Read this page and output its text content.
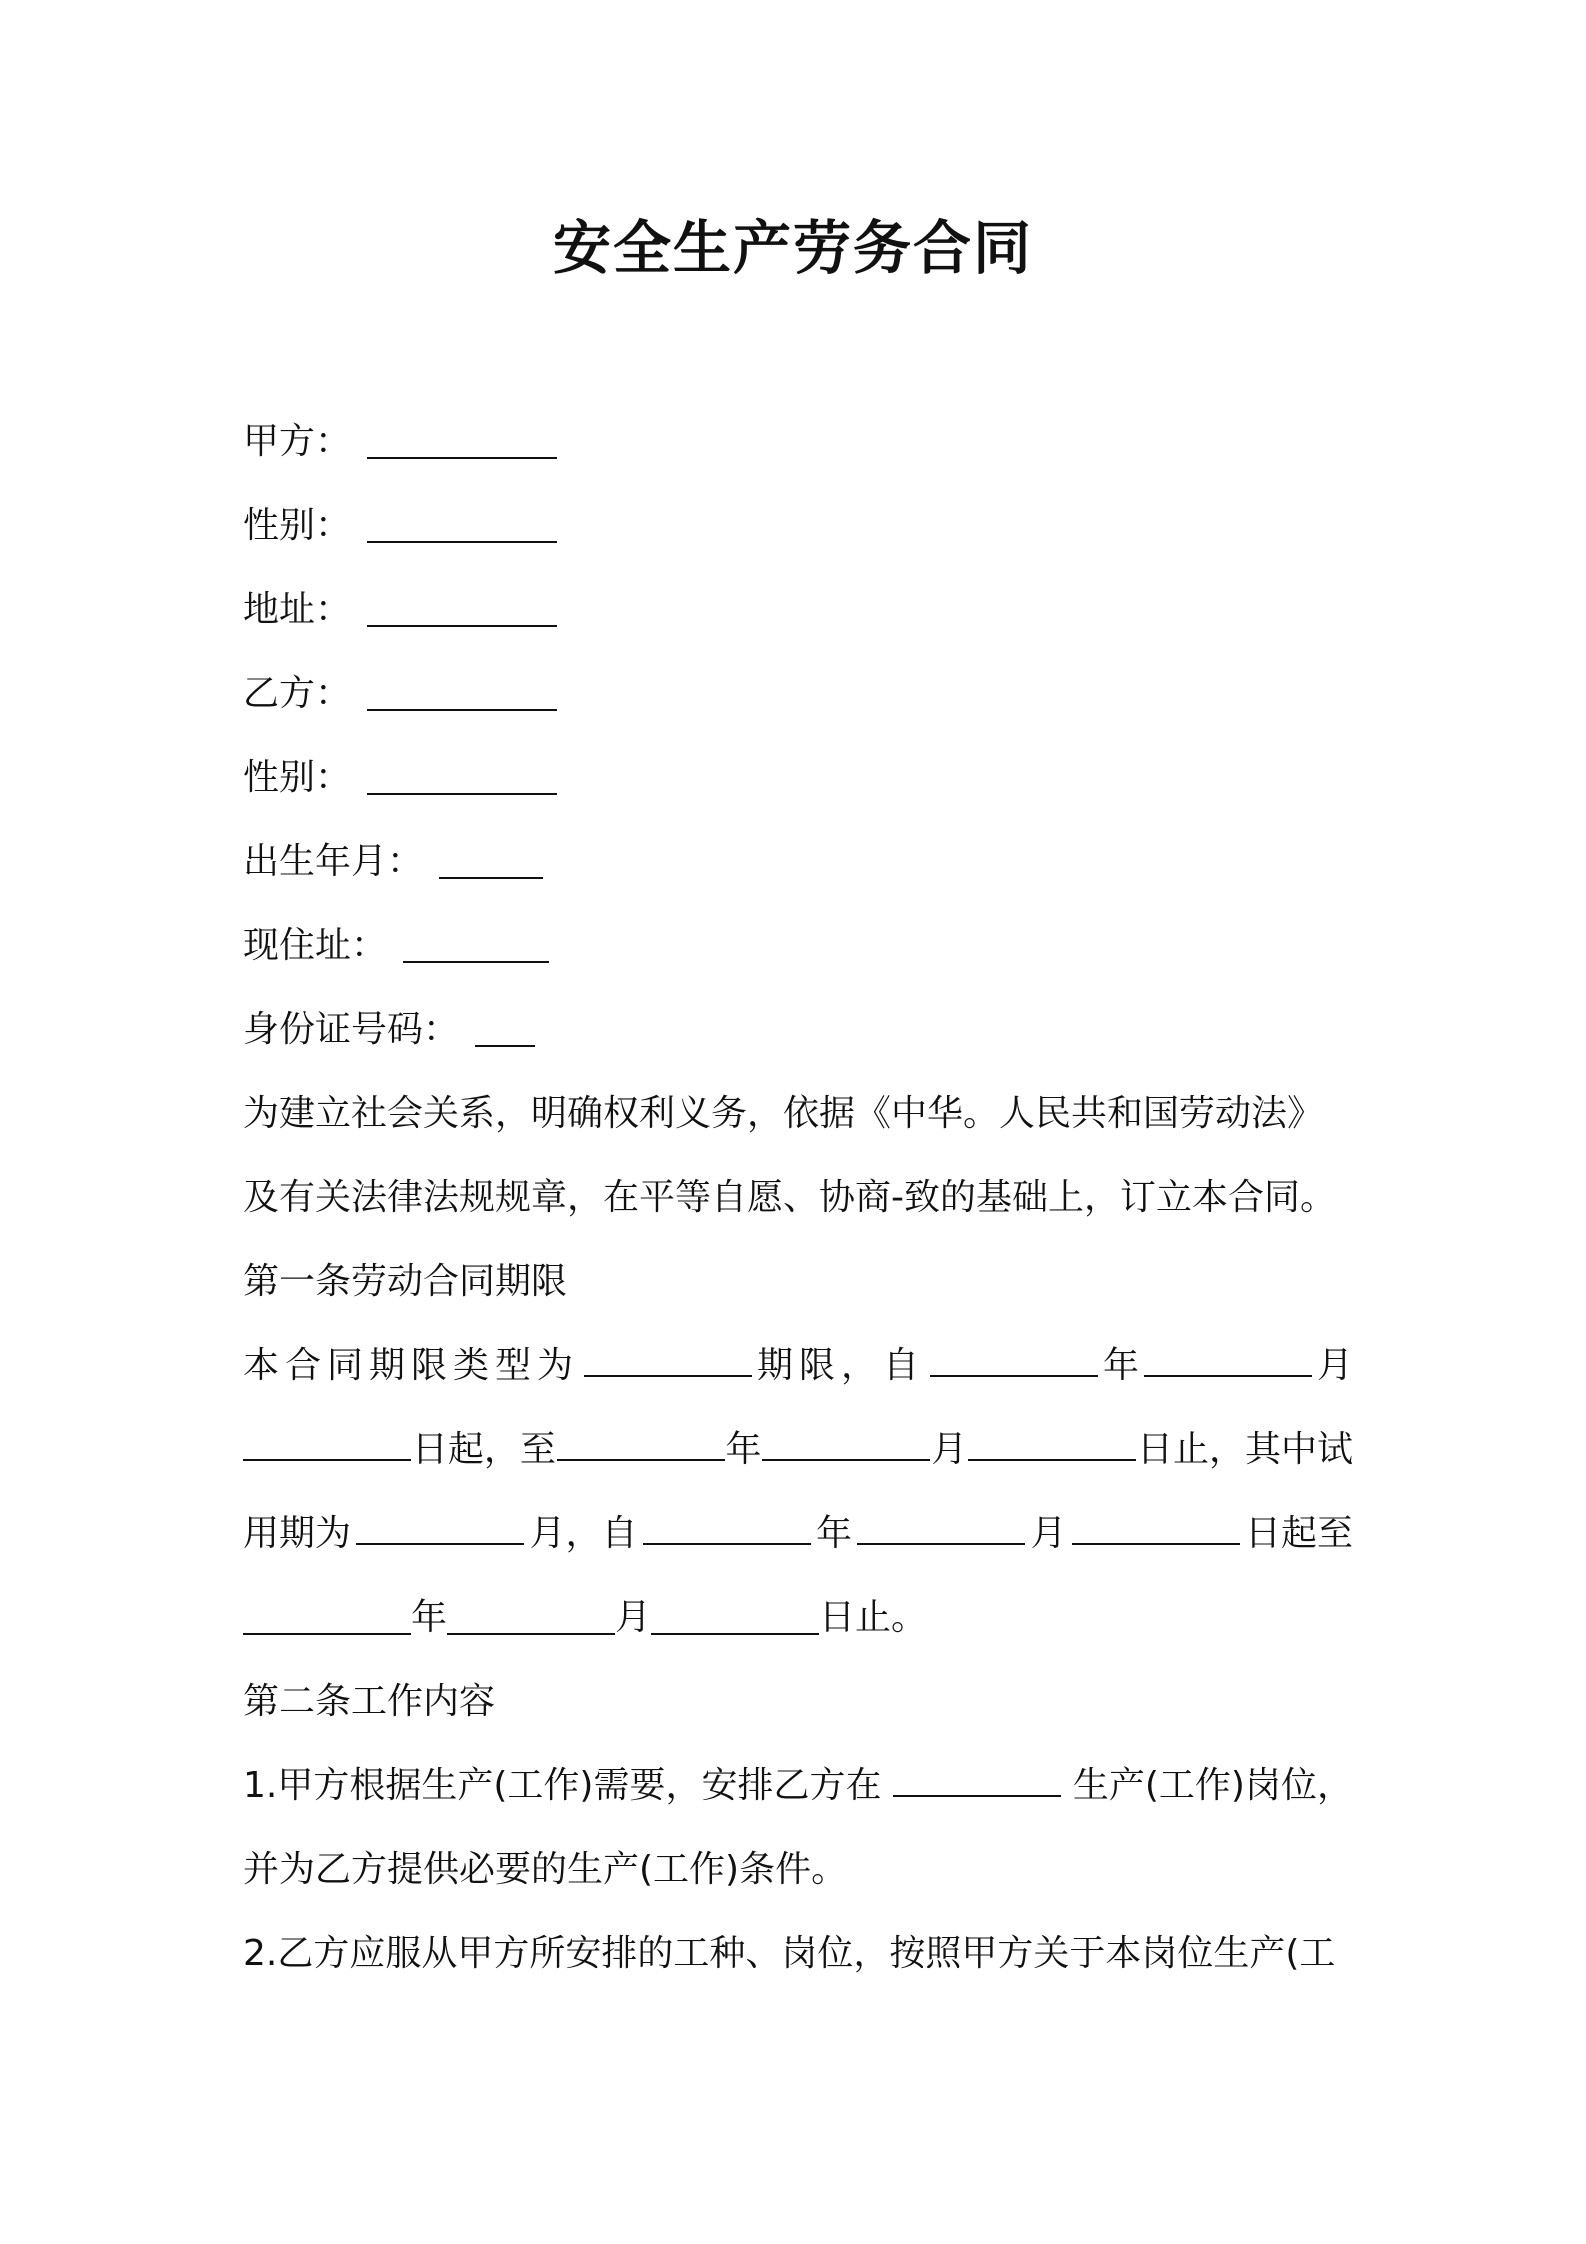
安全生产劳务合同
甲方：
性别：
地址：
乙方：
性别：
出生年月：
现住址：
身份证号码：
为建立社会关系，明确权利义务，依据《中华。人民共和国劳动法》
及有关法律法规规章，在平等自愿、协商-致的基础上，订立本合同。
第一条劳动合同期限
本合同期限类型为	期限，自	年	月
日起，至	年	月	日止，其中试
用期为	月，自	年	月	日起至
年	月	日止。
第二条工作内容
1.甲方根据生产(工作)需要，安排乙方在	生产(工作)岗位，
并为乙方提供必要的生产(工作)条件。
2.乙方应服从甲方所安排的工种、岗位，按照甲方关于本岗位生产(工
